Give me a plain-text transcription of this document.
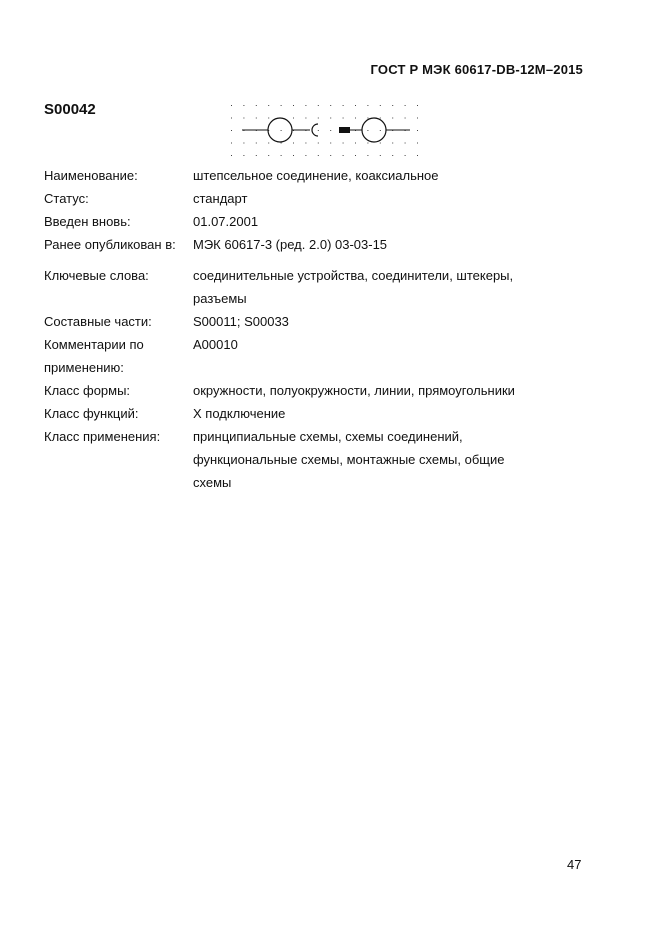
ГОСТ Р МЭК 60617-DB-12M–2015
S00042
Наименование:	штепсельное соединение, коаксиальное
Статус:	стандарт
Введен вновь:	01.07.2001
Ранее опубликован в:	МЭК 60617-3 (ред. 2.0) 03-03-15
Ключевые слова:	соединительные устройства, соединители, штекеры, разъемы
Составные части:	S00011; S00033
Комментарии по применению:
A00010
Класс формы:	окружности, полуокружности, линии, прямоугольники
Класс функций:	X подключение
Класс применения:	принципиальные схемы, схемы соединений, функциональные схемы, монтажные схемы, общие схемы
47
